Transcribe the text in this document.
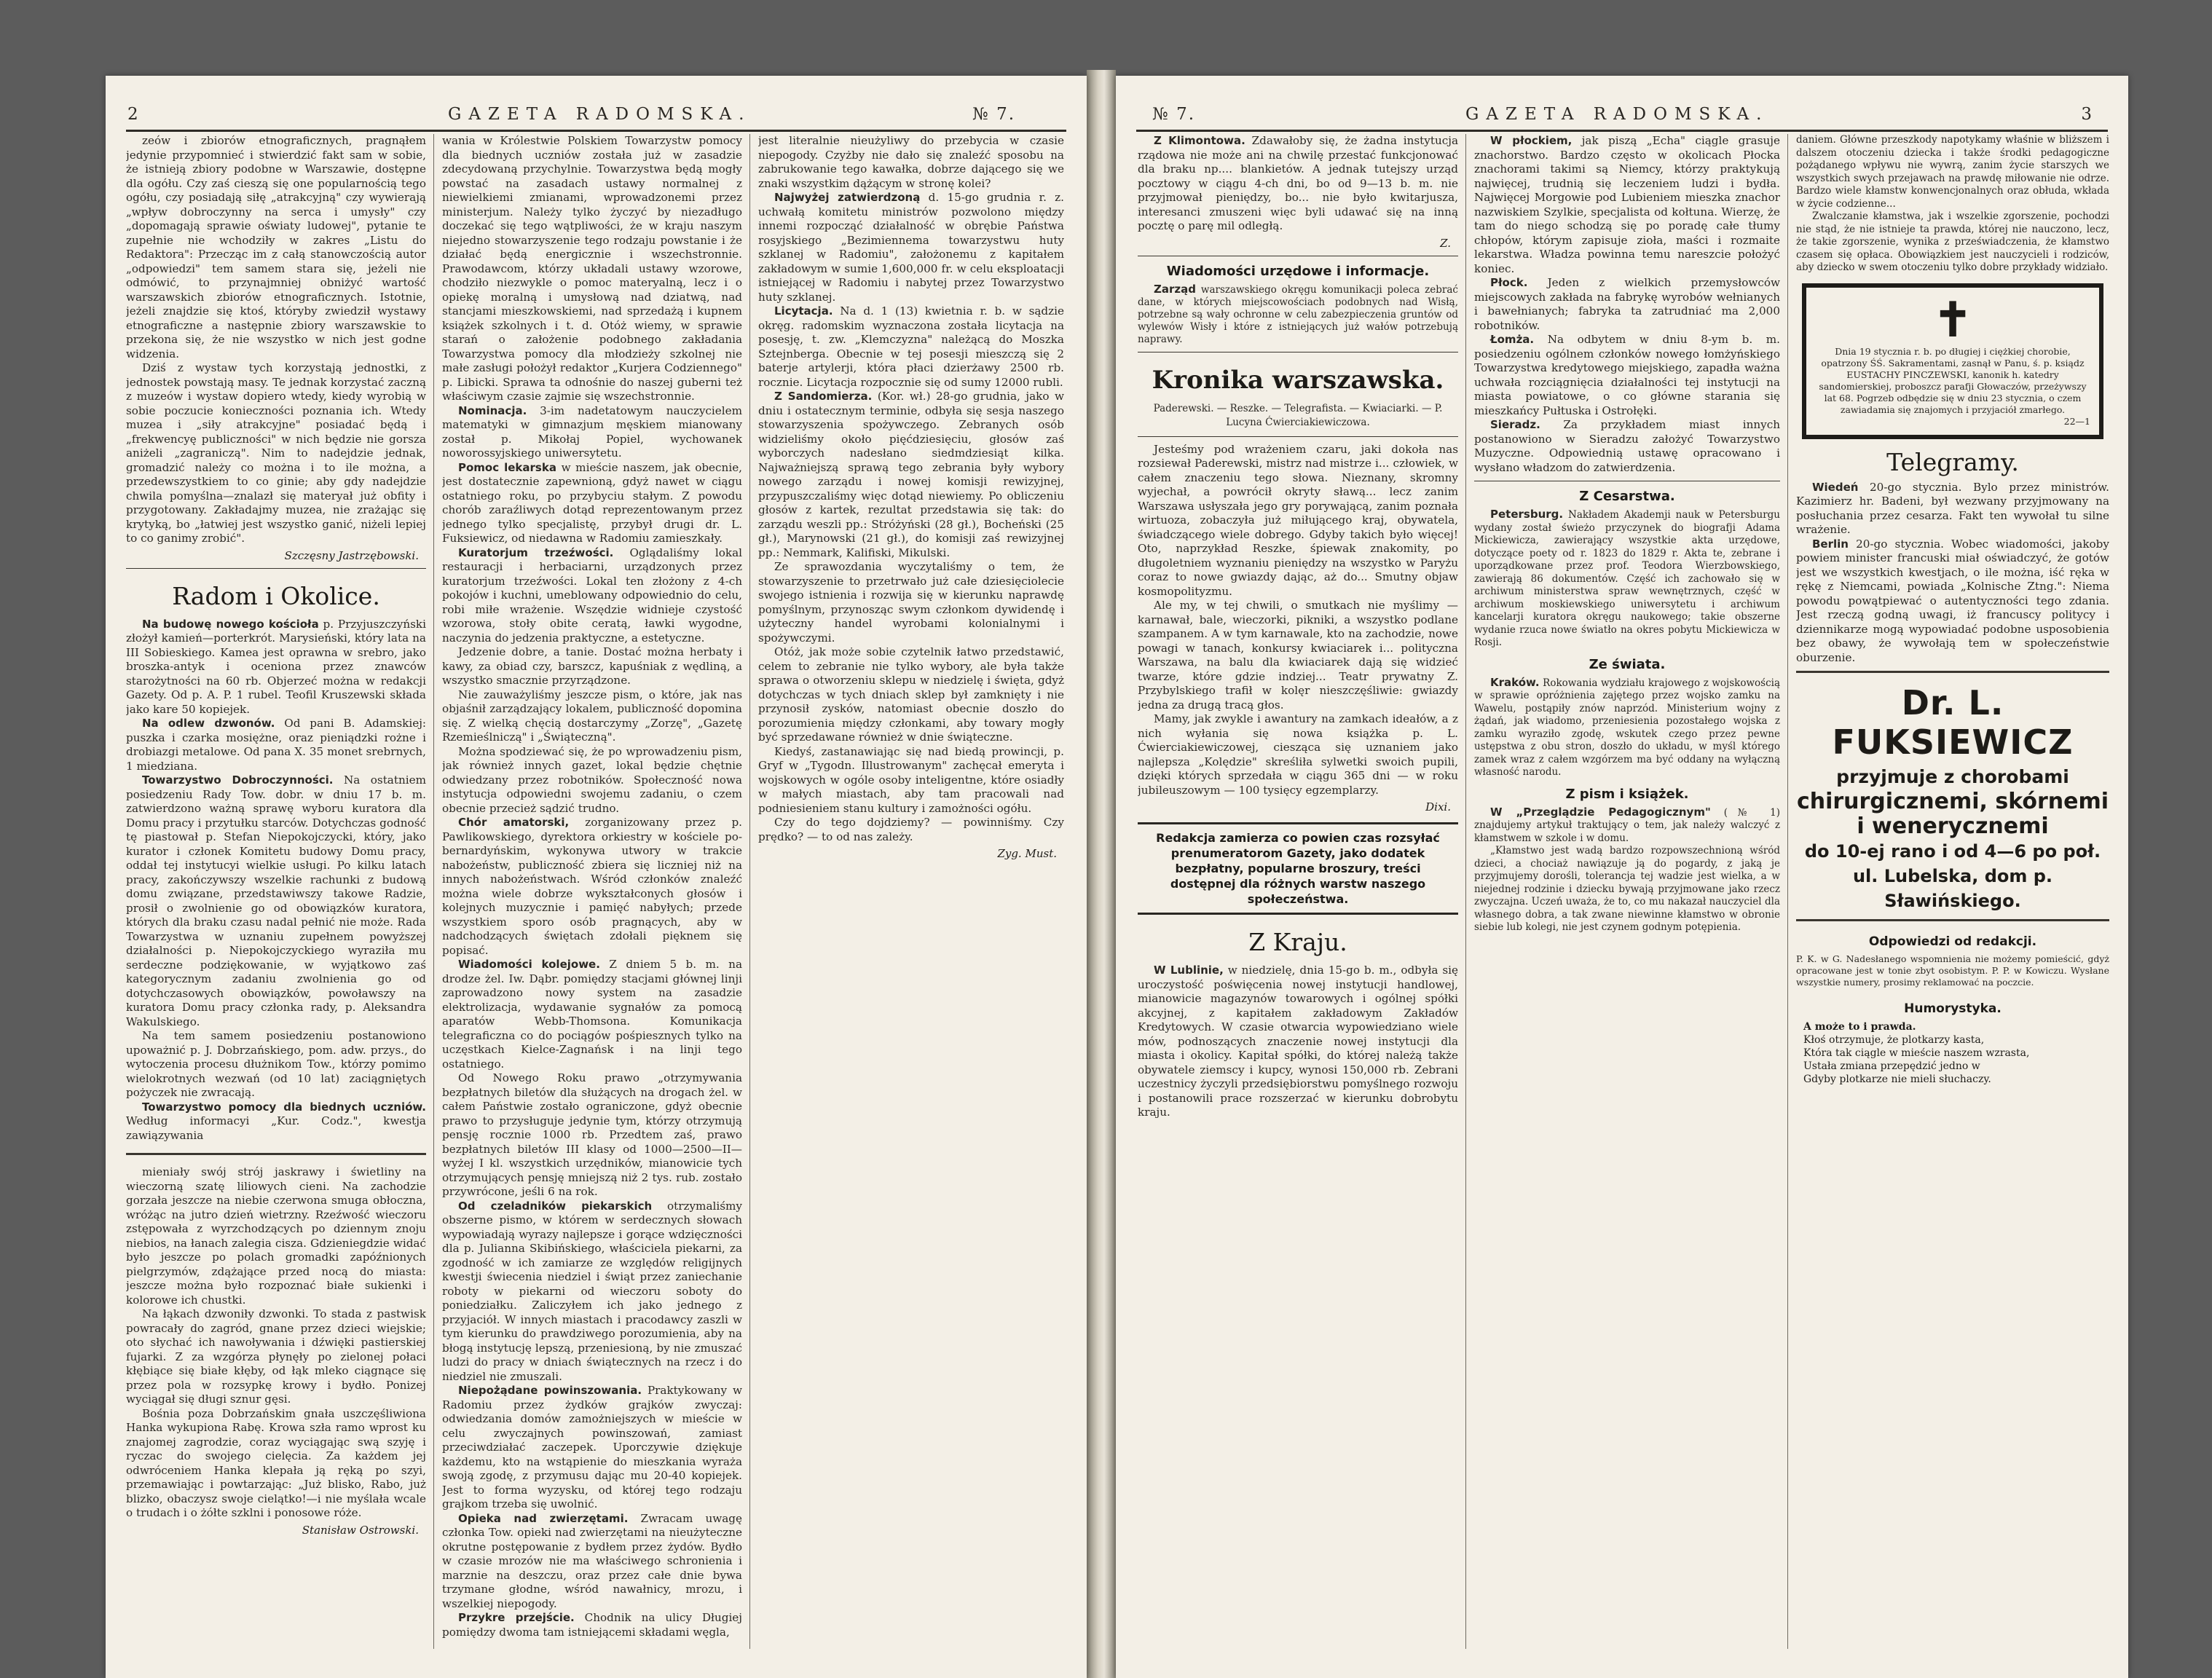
2	GAZETA RADOMSKA.	№ 7.

zeów i zbiorów etnograficznych, pragnąłem jedynie przypomnieć i stwierdzić fakt sam w sobie, że istnieją zbiory podobne w Warszawie, dostępne dla ogółu. Czy zaś cieszą się one popularnością tego ogółu, czy posiadają siłę „atrakcyjną" czy wywierają „wpływ dobroczynny na serca i umysły" czy „dopomagają sprawie oświaty ludowej", pytanie te zupełnie nie wchodziły w zakres „Listu do Redaktora": Przecząc im z całą stanowczością autor „odpowiedzi" tem samem stara się, jeżeli nie odmówić, to przynajmniej obniżyć wartość warszawskich zbiorów etnograficznych. Istotnie, jeżeli znajdzie się ktoś, któryby zwiedził wystawy etnograficzne a następnie zbiory warszawskie to przekona się, że nie wszystko w nich jest godne widzenia.

Dziś z wystaw tych korzystają jednostki, z jednostek powstają masy. Te jednak korzystać zaczną z muzeów i wystaw dopiero wtedy, kiedy wyrobią w sobie poczucie konieczności poznania ich. Wtedy muzea i „siły atrakcyjne" posiadać będą i „frekwencyę publiczności" w nich będzie nie gorsza aniżeli „zagraniczą". Nim to nadejdzie jednak, gromadzić należy co można i to ile można, a przedewszystkiem to co ginie; aby gdy nadejdzie chwila pomyślna—znalazł się materyał już obfity i przygotowany. Zakładajmy muzea, nie zrażając się krytyką, bo „łatwiej jest wszystko ganić, niżeli lepiej to co ganimy zrobić".

Szczęsny Jastrzębowski.
Radom i Okolice.

Na budowę nowego kościoła p. Przyjuszczyński złożył kamień—porterkrót. Marysieński, który lata na III Sobieskiego. Kamea jest oprawna w srebro, jako broszka-antyk i oceniona przez znawców starożytności na 60 rb. Objerzeć można w redakcji Gazety. Od p. A. P. 1 rubel. Teofil Kruszewski składa jako kare 50 kopiejek.

Na odlew dzwonów. Od pani B. Adamskiej: puszka i czarka mosiężne, oraz pieniądzki rożne i drobiazgi metalowe. Od pana X. 35 monet srebrnych, 1 miedziana.

Towarzystwo Dobroczynności. Na ostatniem posiedzeniu Rady Tow. dobr. w dniu 17 b. m. zatwierdzono ważną sprawę wyboru kuratora dla Domu pracy i przytułku starców. Dotychczas godność tę piastował p. Stefan Niepokojczycki, który, jako kurator i członek Komitetu budowy Domu pracy, oddał tej instytucyi wielkie usługi. Po kilku latach pracy, zakończywszy wszelkie rachunki z budową domu związane, przedstawiwszy takowe Radzie, prosił o zwolnienie go od obowiązków kuratora, których dla braku czasu nadal pełnić nie może. Rada Towarzystwa w uznaniu zupełnem powyższej działalności p. Niepokojczyckiego wyraziła mu serdeczne podziękowanie, w wyjątkowo zaś kategorycznym zadaniu zwolnienia go od dotychczasowych obowiązków, powoławszy na kuratora Domu pracy członka rady, p. Aleksandra Wakulskiego.

Na tem samem posiedzeniu postanowiono upoważnić p. J. Dobrzańskiego, pom. adw. przys., do wytoczenia procesu dłużnikom Tow., którzy pomimo wielokrotnych wezwań (od 10 lat) zaciągniętych pożyczek nie zwracają.

Towarzystwo pomocy dla biednych uczniów. Według informacyi „Kur. Codz.", kwestja zawiązywania

mieniały swój strój jaskrawy i świetliny na wieczorną szatę liliowych cieni. Na zachodzie gorzała jeszcze na niebie czerwona smuga obłoczna, wróżąc na jutro dzień wietrzny. Rzeźwość wieczoru zstępowała z wyrzchodzących po dziennym znoju niebios, na łanach zalegia cisza. Gdzieniegdzie widać było jeszcze po polach gromadki zapóźnionych pielgrzymów, zdążające przed nocą do miasta: jeszcze można było rozpoznać białe sukienki i kolorowe ich chustki.

Na łąkach dzwoniły dzwonki. To stada z pastwisk powracały do zagród, gnane przez dzieci wiejskie; oto słychać ich nawoływania i dźwięki pastierskiej fujarki. Z za wzgórza płynęły po zielonej połaci kłębiące się białe kłęby, od łąk mleko ciągnące się przez pola w rozsypkę krowy i bydło. Ponizej wyciągał się długi sznur gęsi.

Bośnia poza Dobrzańskim gnała uszczęśliwiona Hanka wykupiona Rabę. Krowa szła ramo wprost ku znajomej zagrodzie, coraz wyciągając swą szyję i ryczac do swojego cielęcia. Za każdem jej odwróceniem Hanka klepała ją ręką po szyi, przemawiając i powtarzając: „Już blisko, Rabo, już blizko, obaczysz swoje cielątko!—i nie myślała wcale o trudach i o żółte szklni i ponosowe róże.

Stanisław Ostrowski.

wania w Królestwie Polskiem Towarzystw pomocy dla biednych uczniów została już w zasadzie zdecydowaną przychylnie. Towarzystwa będą mogły powstać na zasadach ustawy normalnej z niewielkiemi zmianami, wprowadzonemi przez ministerjum. Należy tylko życzyć by niezadługo doczekać się tego wątpliwości, że w kraju naszym niejedno stowarzyszenie tego rodzaju powstanie i że działać będą energicznie i wszechstronnie. Prawodawcom, którzy układali ustawy wzorowe, chodziło niezwykle o pomoc materyalną, lecz i o opiekę moralną i umysłową nad dziatwą, nad stancjami mieszkowskiemi, nad sprzedażą i kupnem książek szkolnych i t. d. Otóż wiemy, w sprawie starań o założenie podobnego zakładania Towarzystwa pomocy dla młodzieży szkolnej nie małe zasługi położył redaktor „Kurjera Codziennego" p. Libicki. Sprawa ta odnośnie do naszej guberni też właściwym czasie zajmie się wszechstronnie.

Nominacja. 3-im nadetatowym nauczycielem matematyki w gimnazjum męskiem mianowany został p. Mikołaj Popiel, wychowanek noworossyjskiego uniwersytetu.

Pomoc lekarska w mieście naszem, jak obecnie, jest dostatecznie zapewnioną, gdyż nawet w ciągu ostatniego roku, po przybyciu stałym. Z powodu chorób zaraźliwych dotąd reprezentowanym przez jednego tylko specjalistę, przybył drugi dr. L. Fuksiewicz, od niedawna w Radomiu zamieszkały.

Kuratorjum trzeźwości. Oglądaliśmy lokal restauracji i herbaciarni, urządzonych przez kuratorjum trzeźwości. Lokal ten złożony z 4-ch pokojów i kuchni, umeblowany odpowiednio do celu, robi miłe wrażenie. Wszędzie widnieje czystość wzorowa, stoły obite ceratą, ławki wygodne, naczynia do jedzenia praktyczne, a estetyczne.

Jedzenie dobre, a tanie. Dostać można herbaty i kawy, za obiad czy, barszcz, kapuśniak z wędliną, a wszystko smacznie przyrządzone.

Nie zauważyliśmy jeszcze pism, o które, jak nas objaśnił zarządzający lokalem, publiczność dopomina się. Z wielką chęcią dostarczymy „Zorzę", „Gazetę Rzemieślniczą" i „Świąteczną".

Można spodziewać się, że po wprowadzeniu pism, jak również innych gazet, lokal będzie chętnie odwiedzany przez robotników. Społeczność nowa instytucja odpowiedni swojemu zadaniu, o czem obecnie przecież sądzić trudno.

Chór amatorski, zorganizowany przez p. Pawlikowskiego, dyrektora orkiestry w kościele po-bernardyńskim, wykonywa utwory w trakcie nabożeństw, publiczność zbiera się liczniej niż na innych nabożeństwach. Wśród członków znaleźć można wiele dobrze wykształconych głosów i kolejnych muzycznie i pamięć nabyłych; przede wszystkiem sporo osób pragnących, aby w nadchodzących świętach zdołali pięknem się popisać.

Wiadomości kolejowe. Z dniem 5 b. m. na drodze żel. Iw. Dąbr. pomiędzy stacjami głównej linji zaprowadzono nowy system na zasadzie elektrolizacja, wydawanie sygnałów za pomocą aparatów Webb-Thomsona. Komunikacja telegraficzna co do pociągów pośpiesznych tylko na uczęstkach Kielce-Zagnańsk i na linji tego ostatniego.

Od Nowego Roku prawo „otrzymywania bezpłatnych biletów dla służących na drogach żel. w całem Państwie zostało ograniczone, gdyż obecnie prawo to przysługuje jedynie tym, którzy otrzymują pensję rocznie 1000 rb. Przedtem zaś, prawo bezpłatnych biletów III klasy od 1000—2500—II—wyżej I kl. wszystkich urzędników, mianowicie tych otrzymujących pensję mniejszą niż 2 tys. rub. zostało przywrócone, jeśli 6 na rok.

Od czeladników piekarskich otrzymaliśmy obszerne pismo, w którem w serdecznych słowach wypowiadają wyrazy najlepsze i gorące wdzięczności dla p. Julianna Skibińskiego, właściciela piekarni, za zgodność w ich zamiarze ze względów religijnych kwestji świecenia niedziel i świąt przez zaniechanie roboty w piekarni od wieczoru soboty do poniedziałku. Zaliczyłem ich jako jednego z przyjaciół. W innych miastach i pracodawcy zaszli w tym kierunku do prawdziwego porozumienia, aby na błogą instytucję lepszą, przeniesioną, by nie zmuszać ludzi do pracy w dniach świątecznych na rzecz i do niedziel nie zmuszali.

Niepożądane powinszowania. Praktykowany w Radomiu przez żydków grajków zwyczaj: odwiedzania domów zamożniejszych w mieście w celu zwyczajnych powinszowań, zamiast przeciwdziałać zaczepek. Uporczywie dziękuje każdemu, kto na wstąpienie do mieszkania wyraża swoją zgodę, z przymusu dając mu 20-40 kopiejek. Jest to forma wyzysku, od której tego rodzaju grajkom trzeba się uwolnić.

Opieka nad zwierzętami. Zwracam uwagę członka Tow. opieki nad zwierzętami na nieużyteczne okrutne postępowanie z bydłem przez żydów. Bydło w czasie mrozów nie ma właściwego schronienia i marznie na deszczu, oraz przez całe dnie bywa trzymane głodne, wśród nawałnicy, mrozu, i wszelkiej niepogody.

Przykre przejście. Chodnik na ulicy Długiej pomiędzy dwoma tam istniejącemi składami węgla,

jest literalnie nieużyliwy do przebycia w czasie niepogody. Czyżby nie dało się znaleźć sposobu na zabrukowanie tego kawałka, dobrze dającego się we znaki wszystkim dążącym w stronę kolei?

Najwyżej zatwierdzoną d. 15-go grudnia r. z. uchwałą komitetu ministrów pozwolono między innemi rozpocząć działalność w obrębie Państwa rosyjskiego „Bezimiennema towarzystwu huty szklanej w Radomiu", założonemu z kapitałem zakładowym w sumie 1,600,000 fr. w celu eksploatacji istniejącej w Radomiu i nabytej przez Towarzystwo huty szklanej.

Licytacja. Na d. 1 (13) kwietnia r. b. w sądzie okręg. radomskim wyznaczona została licytacja na posesję, t. zw. „Klemczyzna" należącą do Moszka Sztejnberga. Obecnie w tej posesji mieszczą się 2 baterje artylerji, która płaci dzierżawy 2500 rb. rocznie. Licytacja rozpocznie się od sumy 12000 rubli.

Z Sandomierza. (Kor. wł.) 28-go grudnia, jako w dniu i ostatecznym terminie, odbyła się sesja naszego stowarzyszenia spożywczego. Zebranych osób widzieliśmy około pięćdziesięciu, głosów zaś wyborczych nadesłano siedmdziesiąt kilka. Najważniejszą sprawą tego zebrania były wybory nowego zarządu i nowej komisji rewizyjnej, przypuszczaliśmy więc dotąd niewiemy. Po obliczeniu głosów z kartek, rezultat przedstawia się tak: do zarządu weszli pp.: Stróżyński (28 gł.), Bocheński (25 gł.), Marynowski (21 gł.), do komisji zaś rewizyjnej pp.: Nemmark, Kalifiski, Mikulski.

Ze sprawozdania wyczytaliśmy o tem, że stowarzyszenie to przetrwało już całe dziesięciolecie swojego istnienia i rozwija się w kierunku naprawdę pomyślnym, przynosząc swym członkom dywidendę i użyteczny handel wyrobami kolonialnymi i spożywczymi.

Otóż, jak może sobie czytelnik łatwo przedstawić, celem to zebranie nie tylko wybory, ale była także sprawa o otworzeniu sklepu w niedzielę i święta, gdyż dotychczas w tych dniach sklep był zamknięty i nie przynosił zysków, natomiast obecnie doszło do porozumienia między członkami, aby towary mogły być sprzedawane również w dnie świąteczne.

Kiedyś, zastanawiając się nad biedą prowincji, p. Gryf w „Tygodn. Illustrowanym" zachęcał emeryta i wojskowych w ogóle osoby inteligentne, które osiadły w małych miastach, aby tam pracowali nad podniesieniem stanu kultury i zamożności ogółu.

Czy do tego dojdziemy? — powinniśmy. Czy prędko? — to od nas zależy.

Zyg. Must.
№ 7.	GAZETA RADOMSKA.	3

Z Klimontowa. Zdawałoby się, że żadna instytucja rządowa nie może ani na chwilę przestać funkcjonować dla braku np.... blankietów. A jednak tutejszy urząd pocztowy w ciągu 4-ch dni, bo od 9—13 b. m. nie przyjmował pieniędzy, bo... nie było kwitarjusza, interesanci zmuszeni więc byli udawać się na inną pocztę o parę mil odległą.

Z.
Wiadomości urzędowe i informacje.

Zarząd warszawskiego okręgu komunikacji poleca zebrać dane, w których miejscowościach podobnych nad Wisłą, potrzebne są wały ochronne w celu zabezpieczenia gruntów od wylewów Wisły i które z istniejących już wałów potrzebują naprawy.

Kronika warszawska.
Paderewski. — Reszke. — Telegrafista. — Kwiaciarki. — P. Lucyna Ćwierciakiewiczowa.

Jesteśmy pod wrażeniem czaru, jaki dokoła nas rozsiewał Paderewski, mistrz nad mistrze i... człowiek, w całem znaczeniu tego słowa. Nieznany, skromny wyjechał, a powrócił okryty sławą... lecz zanim Warszawa usłyszała jego gry porywającą, zanim poznała wirtuoza, zobaczyła już miłującego kraj, obywatela, świadczącego wiele dobrego. Gdyby takich było więcej! Oto, naprzykład Reszke, śpiewak znakomity, po długoletniem wyznaniu pieniędzy na wszystko w Paryżu coraz to nowe gwiazdy dając, aż do... Smutny objaw kosmopolityzmu.

Ale my, w tej chwili, o smutkach nie myślimy — karnawał, bale, wieczorki, pikniki, a wszystko podlane szampanem. A w tym karnawale, kto na zachodzie, nowe powagi w tanach, konkursy kwiaciarek i... polityczna Warszawa, na balu dla kwiaciarek dają się widzieć twarze, które gdzie indziej... Teatr prywatny Z. Przybylskiego trafił w kolęr nieszczęśliwie: gwiazdy jedna za drugą tracą głos.

Mamy, jak zwykle i awantury na zamkach ideałów, a z nich wyłania się nowa książka p. L. Ćwierciakiewiczowej, ciesząca się uznaniem jako najlepsza „Kolędzie" skreśliła sylwetki swoich pupili, dzięki których sprzedała w ciągu 365 dni — w roku jubileuszowym — 100 tysięcy egzemplarzy.

Dixi.
Redakcja zamierza co powien czas rozsyłać prenumeratorom Gazety, jako dodatek bezpłatny, popularne broszury, treści dostępnej dla różnych warstw naszego społeczeństwa.
Z Kraju.

W Lublinie, w niedzielę, dnia 15-go b. m., odbyła się uroczystość poświęcenia nowej instytucji handlowej, mianowicie magazynów towarowych i ogólnej spółki akcyjnej, z kapitałem zakładowym Zakładów Kredytowych. W czasie otwarcia wypowiedziano wiele mów, podnoszących znaczenie nowej instytucji dla miasta i okolicy. Kapitał spółki, do której należą także obywatele ziemscy i kupcy, wynosi 150,000 rb. Zebrani uczestnicy życzyli przedsiębiorstwu pomyślnego rozwoju i postanowili prace rozszerzać w kierunku dobrobytu kraju.

W płockiem, jak piszą „Echa" ciągle grasuje znachorstwo. Bardzo często w okolicach Płocka znachorami takimi są Niemcy, którzy praktykują najwięcej, trudnią się leczeniem ludzi i bydła. Najwięcej Morgowie pod Lubieniem mieszka znachor nazwiskiem Szylkie, specjalista od kołtuna. Wierzę, że tam do niego schodzą się po poradę całe tłumy chłopów, którym zapisuje zioła, maści i rozmaite lekarstwa. Władza powinna temu nareszcie położyć koniec.

Płock. Jeden z wielkich przemysłowców miejscowych zakłada na fabrykę wyrobów wełnianych i bawełnianych; fabryka ta zatrudniać ma 2,000 robotników.

Łomża. Na odbytem w dniu 8-ym b. m. posiedzeniu ogólnem członków nowego łomżyńskiego Towarzystwa kredytowego miejskiego, zapadła ważna uchwała rozciągnięcia działalności tej instytucji na miasta powiatowe, o co główne starania się mieszkańcy Pułtuska i Ostrołęki.

Sieradz. Za przykładem miast innych postanowiono w Sieradzu założyć Towarzystwo Muzyczne. Odpowiednią ustawę opracowano i wysłano władzom do zatwierdzenia.

Z Cesarstwa.

Petersburg. Nakładem Akademji nauk w Petersburgu wydany został świeżo przyczynek do biografji Adama Mickiewicza, zawierający wszystkie akta urzędowe, dotyczące poety od r. 1823 do 1829 r. Akta te, zebrane i uporządkowane przez prof. Teodora Wierzbowskiego, zawierają 86 dokumentów. Część ich zachowało się w archiwum ministerstwa spraw wewnętrznych, część w archiwum moskiewskiego uniwersytetu i archiwum kancelarji kuratora okręgu naukowego; takie obszerne wydanie rzuca nowe światło na okres pobytu Mickiewicza w Rosji.

Ze świata.

Kraków. Rokowania wydziału krajowego z wojskowością w sprawie opróżnienia zajętego przez wojsko zamku na Wawelu, postąpiły znów naprzód. Ministerium wojny z żądań, jak wiadomo, przeniesienia pozostałego wojska z zamku wyraziło zgodę, wskutek czego przez pewne ustępstwa z obu stron, doszło do układu, w myśl którego zamek wraz z całem wzgórzem ma być oddany na wyłączną własność narodu.

Z pism i książek.

W „Przeglądzie Pedagogicznym" (№ 1) znajdujemy artykuł traktujący o tem, jak należy walczyć z kłamstwem w szkole i w domu.

„Kłamstwo jest wadą bardzo rozpowszechnioną wśród dzieci, a chociaż nawiązuje ją do pogardy, z jaką je przyjmujemy dorośli, tolerancja tej wadzie jest wielka, a w niejednej rodzinie i dziecku bywają przyjmowane jako rzecz zwyczajna. Uczeń uważa, że to, co mu nakazał nauczyciel dla własnego dobra, a tak zwane niewinne kłamstwo w obronie siebie lub kolegi, nie jest czynem godnym potępienia.

daniem. Główne przeszkody napotykamy właśnie w bliższem i dalszem otoczeniu dziecka i także środki pedagogiczne pożądanego wpływu nie wywrą, zanim życie starszych we wszystkich swych przejawach na prawdę miłowanie nie odrze. Bardzo wiele kłamstw konwencjonalnych oraz obłuda, wkłada w życie codzienne...

Zwalczanie kłamstwa, jak i wszelkie zgorszenie, pochodzi nie stąd, że nie istnieje ta prawda, której nie nauczono, lecz, że takie zgorszenie, wynika z przeświadczenia, że kłamstwo czasem się opłaca. Obowiązkiem jest nauczycieli i rodziców, aby dziecko w swem otoczeniu tylko dobre przykłady widziało.

✝
Dnia 19 stycznia r. b. po długiej i ciężkiej chorobie, opatrzony ŚŚ. Sakramentami, zasnął w Panu, ś. p. ksiądz EUSTACHY PINCZEWSKI, kanonik h. katedry sandomierskiej, proboszcz parafji Głowaczów, przeżywszy lat 68. Pogrzeb odbędzie się w dniu 23 stycznia, o czem zawiadamia się znajomych i przyjaciół zmarłego.
22—1
Telegramy.

Wiedeń 20-go stycznia. Bylo przez ministrów. Kazimierz hr. Badeni, był wezwany przyjmowany na posłuchania przez cesarza. Fakt ten wywołał tu silne wrażenie.

Berlin 20-go stycznia. Wobec wiadomości, jakoby powiem minister francuski miał oświadczyć, że gotów jest we wszystkich kwestjach, o ile można, iść ręka w rękę z Niemcami, powiada „Kolnische Ztng.": Niema powodu powątpiewać o autentyczności tego zdania. Jest rzeczą godną uwagi, iż francuscy politycy i dziennikarze mogą wypowiadać podobne usposobienia bez obawy, że wywołają tem w społeczeństwie oburzenie.

Dr. L. FUKSIEWICZ
przyjmuje z chorobami
chirurgicznemi, skórnemi
i wenerycznemi
do 10-ej rano i od 4—6 po poł.
ul. Lubelska, dom p. Sławińskiego.
Odpowiedzi od redakcji.
P. K. w G. Nadesłanego wspomnienia nie możemy pomieścić, gdyż opracowane jest w tonie zbyt osobistym. P. P. w Kowiczu. Wysłane wszystkie numery, prosimy reklamować na poczcie.
Humorystyka.
A może to i prawda.
Kłoś otrzymuje, że plotkarzy kasta,
Która tak ciągle w mieście naszem wzrasta,
Ustała zmiana przepędzić jedno w
Gdyby plotkarze nie mieli słuchaczy.
